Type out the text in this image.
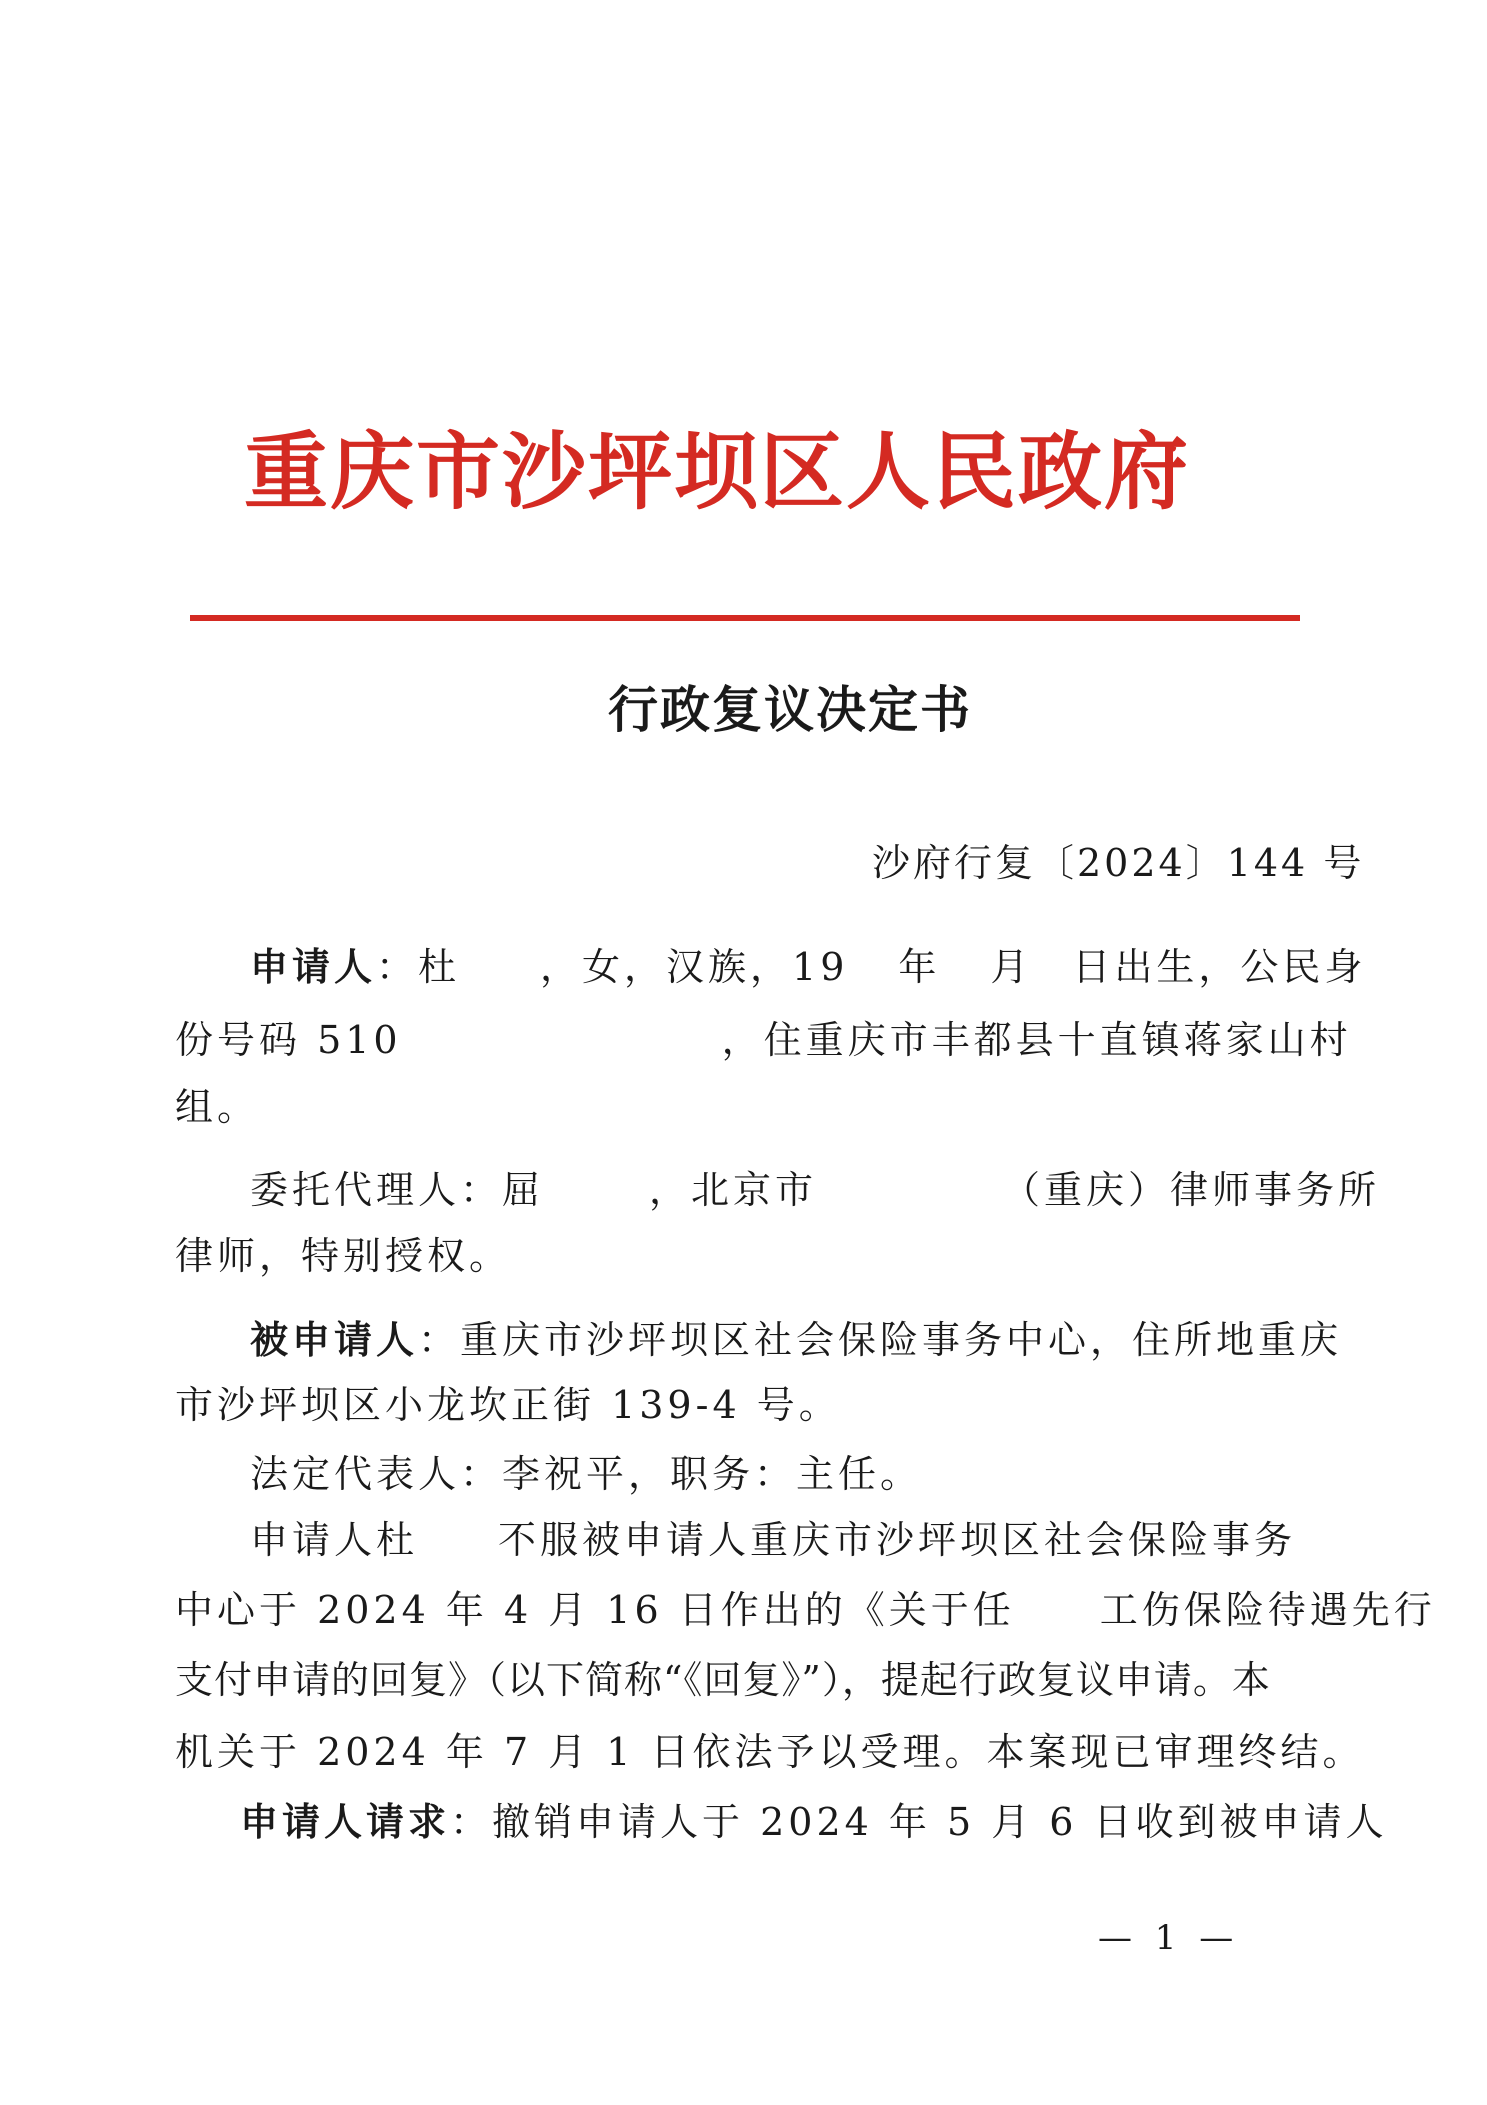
重庆市沙坪坝区人民政府
行政复议决定书
沙府行复〔2024〕144 号
申请人：杜 ，女，汉族，19 年 月 日出生，公民身
份号码 510	，住重庆市丰都县十直镇蒋家山村
组。
委托代理人：屈	，北京市	（重庆）律师事务所
律师，特别授权。
被申请人：重庆市沙坪坝区社会保险事务中心，住所地重庆
市沙坪坝区小龙坎正街 139-4 号。
法定代表人：李祝平，职务：主任。
申请人杜 不服被申请人重庆市沙坪坝区社会保险事务
中心于 2024 年 4 月 16 日作出的《关于任 工伤保险待遇先行
支付申请的回复》（以下简称“《回复》”），提起行政复议申请。本
机关于 2024 年 7 月 1 日依法予以受理。本案现已审理终结。
申请人请求：撤销申请人于 2024 年 5 月 6 日收到被申请人
— 1 —
